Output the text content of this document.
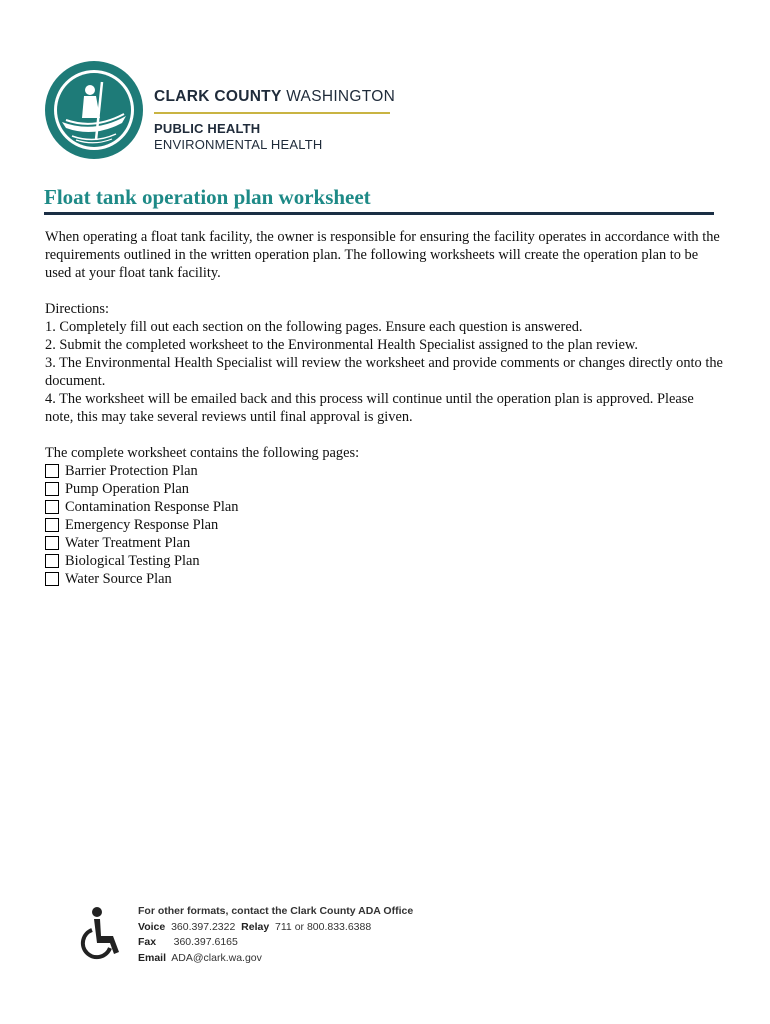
CLARK COUNTY WASHINGTON
PUBLIC HEALTH
ENVIRONMENTAL HEALTH
Float tank operation plan worksheet

When operating a float tank facility, the owner is responsible for ensuring the facility operates in accordance with the requirements outlined in the written operation plan. The following worksheets will create the operation plan to be used at your float tank facility.

Directions:

1. Completely fill out each section on the following pages. Ensure each question is answered.

2. Submit the completed worksheet to the Environmental Health Specialist assigned to the plan review.

3. The Environmental Health Specialist will review the worksheet and provide comments or changes directly onto the document.

4. The worksheet will be emailed back and this process will continue until the operation plan is approved. Please note, this may take several reviews until final approval is given.

The complete worksheet contains the following pages:

Barrier Protection Plan
Pump Operation Plan
Contamination Response Plan
Emergency Response Plan
Water Treatment Plan
Biological Testing Plan
Water Source Plan
For other formats, contact the Clark County ADA Office
Voice 360.397.2322 Relay 711 or 800.833.6388
Fax 360.397.6165
Email ADA@clark.wa.gov
